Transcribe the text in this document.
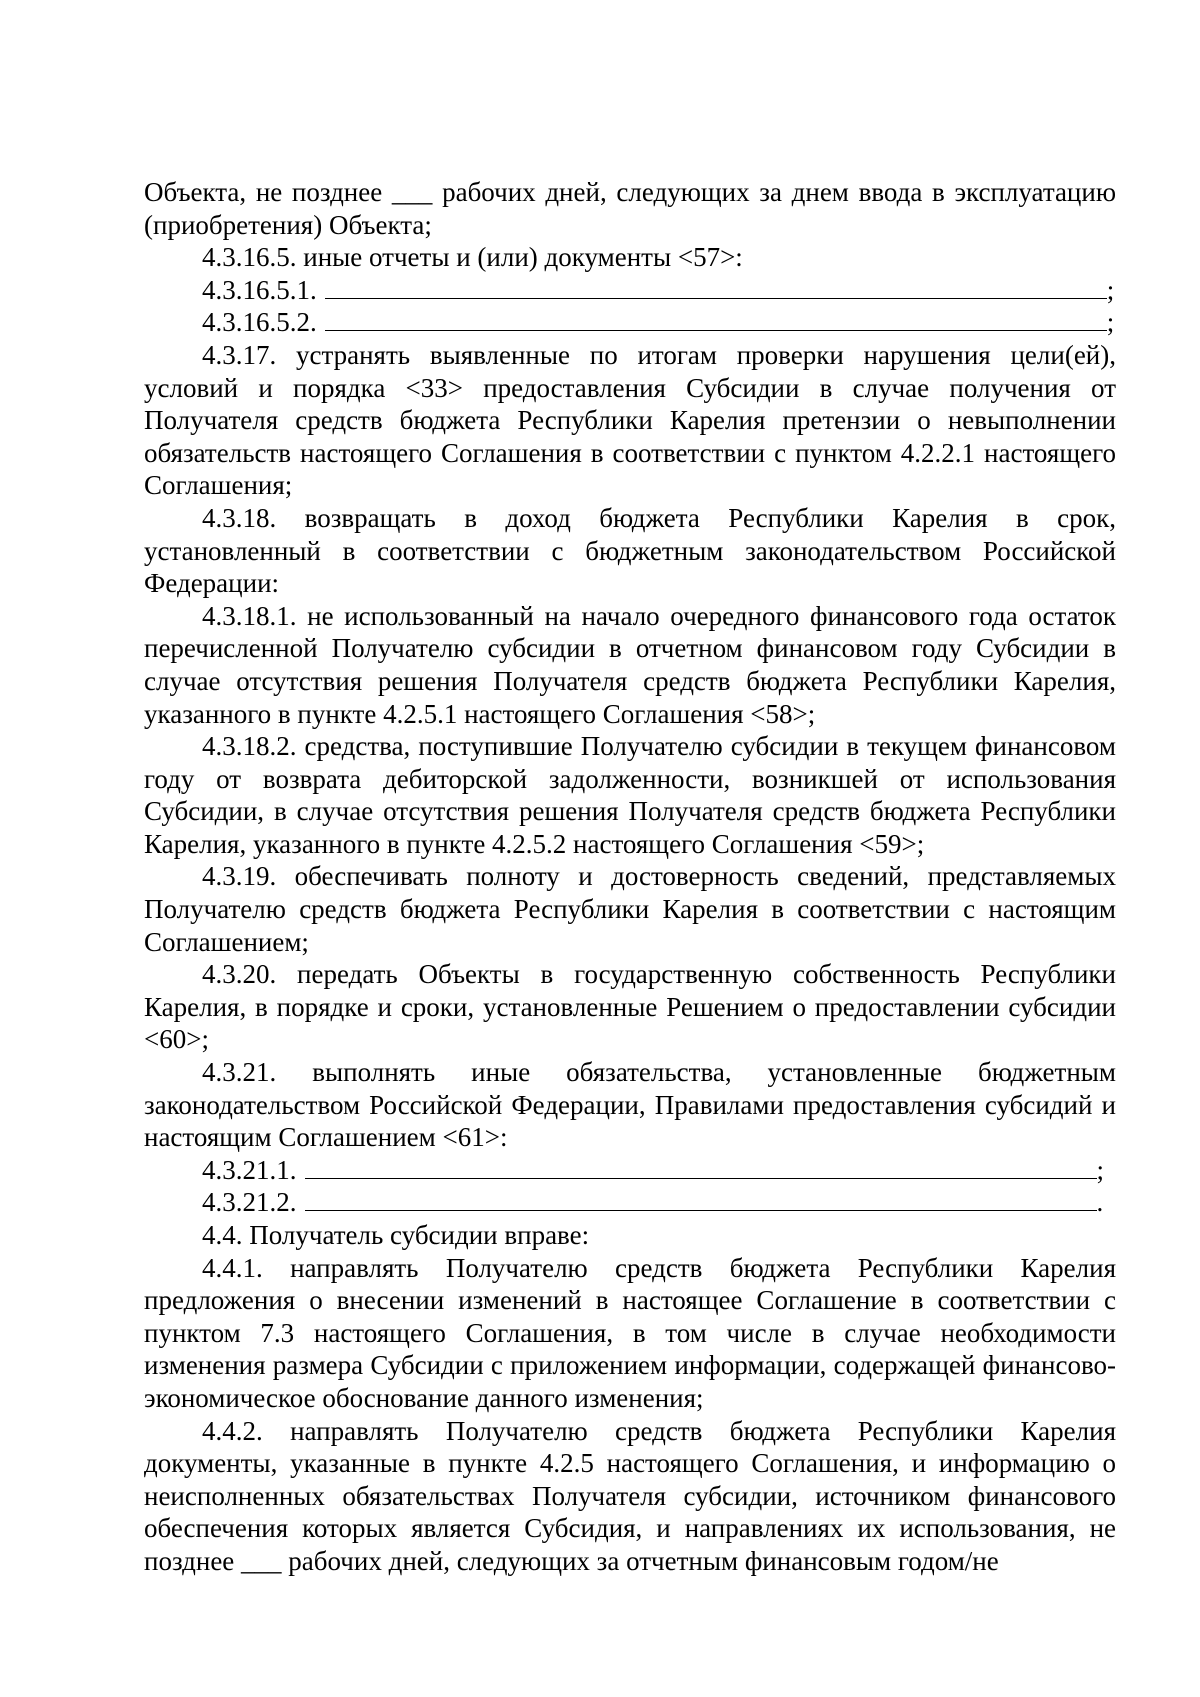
Объекта, не позднее ___ рабочих дней, следующих за днем ввода в эксплуатацию (приобретения) Объекта;

4.3.16.5. иные отчеты и (или) документы <57>:

4.3.16.5.1.	;
4.3.16.5.2.	;

4.3.17. устранять выявленные по итогам проверки нарушения цели(ей), условий и порядка <33> предоставления Субсидии в случае получения от Получателя средств бюджета Республики Карелия претензии о невыполнении обязательств настоящего Соглашения в соответствии с пунктом 4.2.2.1 настоящего Соглашения;

4.3.18. возвращать в доход бюджета Республики Карелия в срок, установленный в соответствии с бюджетным законодательством Российской Федерации:

4.3.18.1. не использованный на начало очередного финансового года остаток перечисленной Получателю субсидии в отчетном финансовом году Субсидии в случае отсутствия решения Получателя средств бюджета Республики Карелия, указанного в пункте 4.2.5.1 настоящего Соглашения <58>;

4.3.18.2. средства, поступившие Получателю субсидии в текущем финансовом году от возврата дебиторской задолженности, возникшей от использования Субсидии, в случае отсутствия решения Получателя средств бюджета Республики Карелия, указанного в пункте 4.2.5.2 настоящего Соглашения <59>;

4.3.19. обеспечивать полноту и достоверность сведений, представляемых Получателю средств бюджета Республики Карелия в соответствии с настоящим Соглашением;

4.3.20. передать Объекты в государственную собственность Республики Карелия, в порядке и сроки, установленные Решением о предоставлении субсидии <60>;

4.3.21. выполнять иные обязательства, установленные бюджетным законодательством Российской Федерации, Правилами предоставления субсидий и настоящим Соглашением <61>:

4.3.21.1.	;
4.3.21.2.	.

4.4. Получатель субсидии вправе:

4.4.1. направлять Получателю средств бюджета Республики Карелия предложения о внесении изменений в настоящее Соглашение в соответствии с пунктом 7.3 настоящего Соглашения, в том числе в случае необходимости изменения размера Субсидии с приложением информации, содержащей финансово-экономическое обоснование данного изменения;

4.4.2. направлять Получателю средств бюджета Республики Карелия документы, указанные в пункте 4.2.5 настоящего Соглашения, и информацию о неисполненных обязательствах Получателя субсидии, источником финансового обеспечения которых является Субсидия, и направлениях их использования, не позднее ___ рабочих дней, следующих за отчетным финансовым годом/не
